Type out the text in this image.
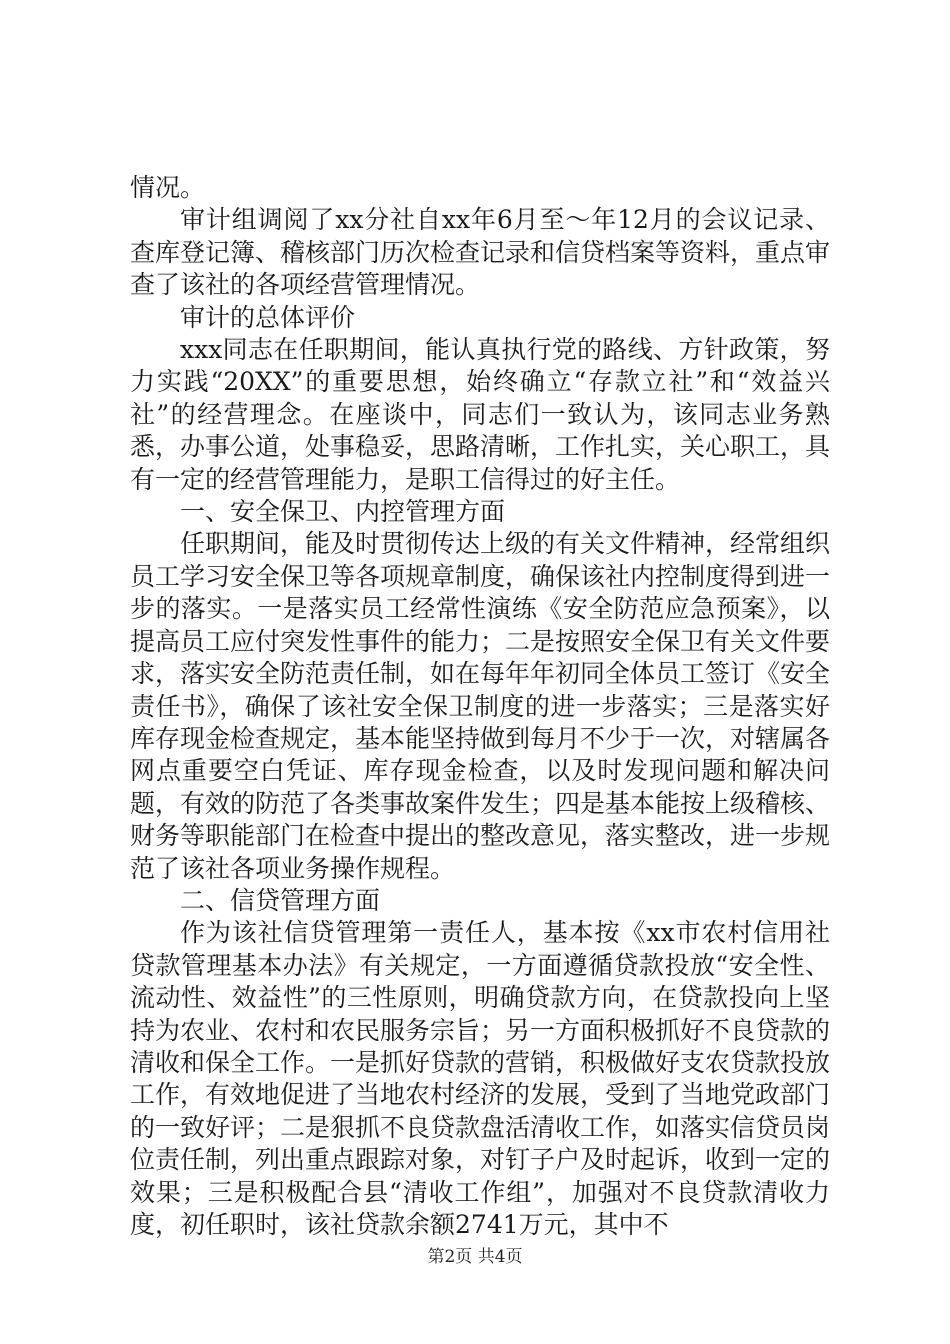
情况。

审计组调阅了xx分社自xx年6月至～年12月的会议记录、查库登记簿、稽核部门历次检查记录和信贷档案等资料，重点审查了该社的各项经营管理情况。

审计的总体评价

xxx同志在任职期间，能认真执行党的路线、方针政策，努力实践“20XX”的重要思想，始终确立“存款立社”和“效益兴社”的经营理念。在座谈中，同志们一致认为，该同志业务熟悉，办事公道，处事稳妥，思路清晰，工作扎实，关心职工，具有一定的经营管理能力，是职工信得过的好主任。

一、安全保卫、内控管理方面

任职期间，能及时贯彻传达上级的有关文件精神，经常组织员工学习安全保卫等各项规章制度，确保该社内控制度得到进一步的落实。一是落实员工经常性演练《安全防范应急预案》，以提高员工应付突发性事件的能力；二是按照安全保卫有关文件要求，落实安全防范责任制，如在每年年初同全体员工签订《安全责任书》，确保了该社安全保卫制度的进一步落实；三是落实好库存现金检查规定，基本能坚持做到每月不少于一次，对辖属各网点重要空白凭证、库存现金检查，以及时发现问题和解决问题，有效的防范了各类事故案件发生；四是基本能按上级稽核、财务等职能部门在检查中提出的整改意见，落实整改，进一步规范了该社各项业务操作规程。

二、信贷管理方面

作为该社信贷管理第一责任人，基本按《xx市农村信用社贷款管理基本办法》有关规定，一方面遵循贷款投放“安全性、流动性、效益性”的三性原则，明确贷款方向，在贷款投向上坚持为农业、农村和农民服务宗旨；另一方面积极抓好不良贷款的清收和保全工作。一是抓好贷款的营销，积极做好支农贷款投放工作，有效地促进了当地农村经济的发展，受到了当地党政部门的一致好评；二是狠抓不良贷款盘活清收工作，如落实信贷员岗位责任制，列出重点跟踪对象，对钉子户及时起诉，收到一定的效果；三是积极配合县“清收工作组”，加强对不良贷款清收力度，初任职时，该社贷款余额2741万元，其中不

第2页 共4页
